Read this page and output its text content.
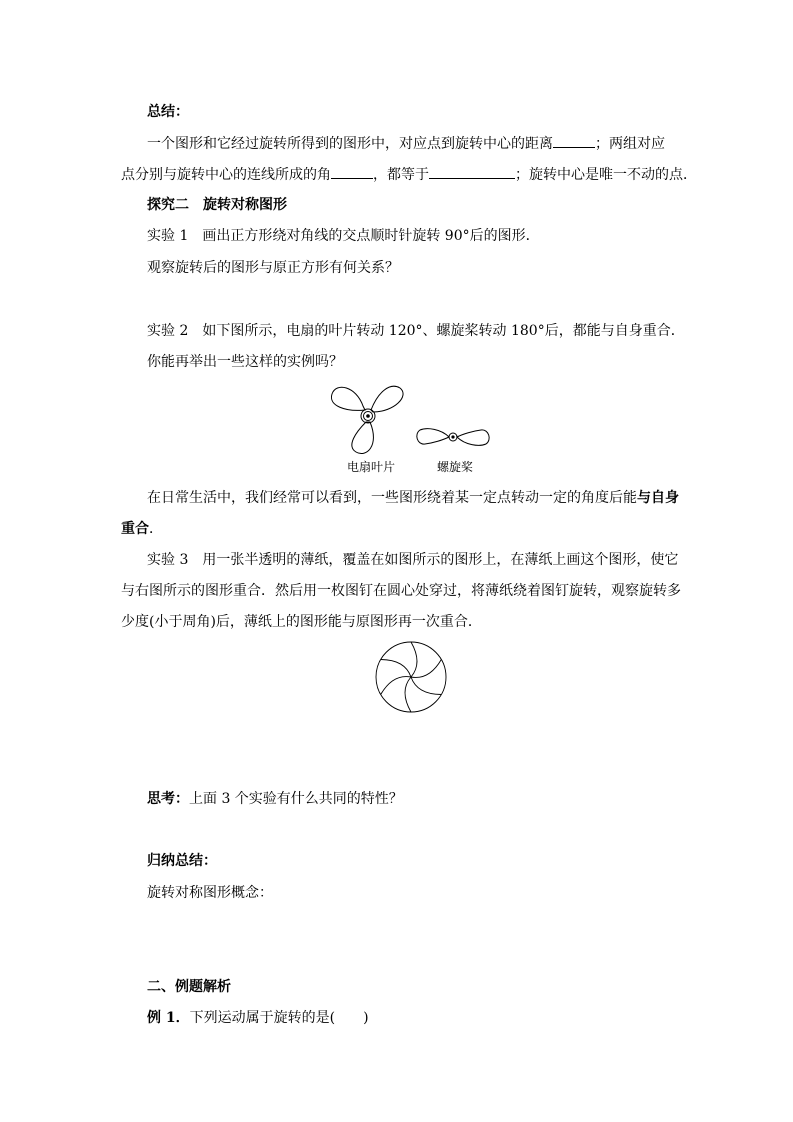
总结：
一个图形和它经过旋转所得到的图形中，对应点到旋转中心的距离	；两组对应
点分别与旋转中心的连线所成的角	，都等于	；旋转中心是唯一不动的点．
探究二　旋转对称图形
实验 1　画出正方形绕对角线的交点顺时针旋转 90°后的图形．
观察旋转后的图形与原正方形有何关系？
实验 2　如下图所示，电扇的叶片转动 120°、螺旋桨转动 180°后，都能与自身重合．
你能再举出一些这样的实例吗？
电扇叶片	螺旋桨
在日常生活中，我们经常可以看到，一些图形绕着某一定点转动一定的角度后能与自身
重合．
实验 3　用一张半透明的薄纸，覆盖在如图所示的图形上，在薄纸上画这个图形，使它
与右图所示的图形重合．然后用一枚图钉在圆心处穿过，将薄纸绕着图钉旋转，观察旋转多
少度(小于周角)后，薄纸上的图形能与原图形再一次重合．
思考：上面 3 个实验有什么共同的特性？
归纳总结：
旋转对称图形概念：
二、例题解析
例 1．下列运动属于旋转的是(　　)
